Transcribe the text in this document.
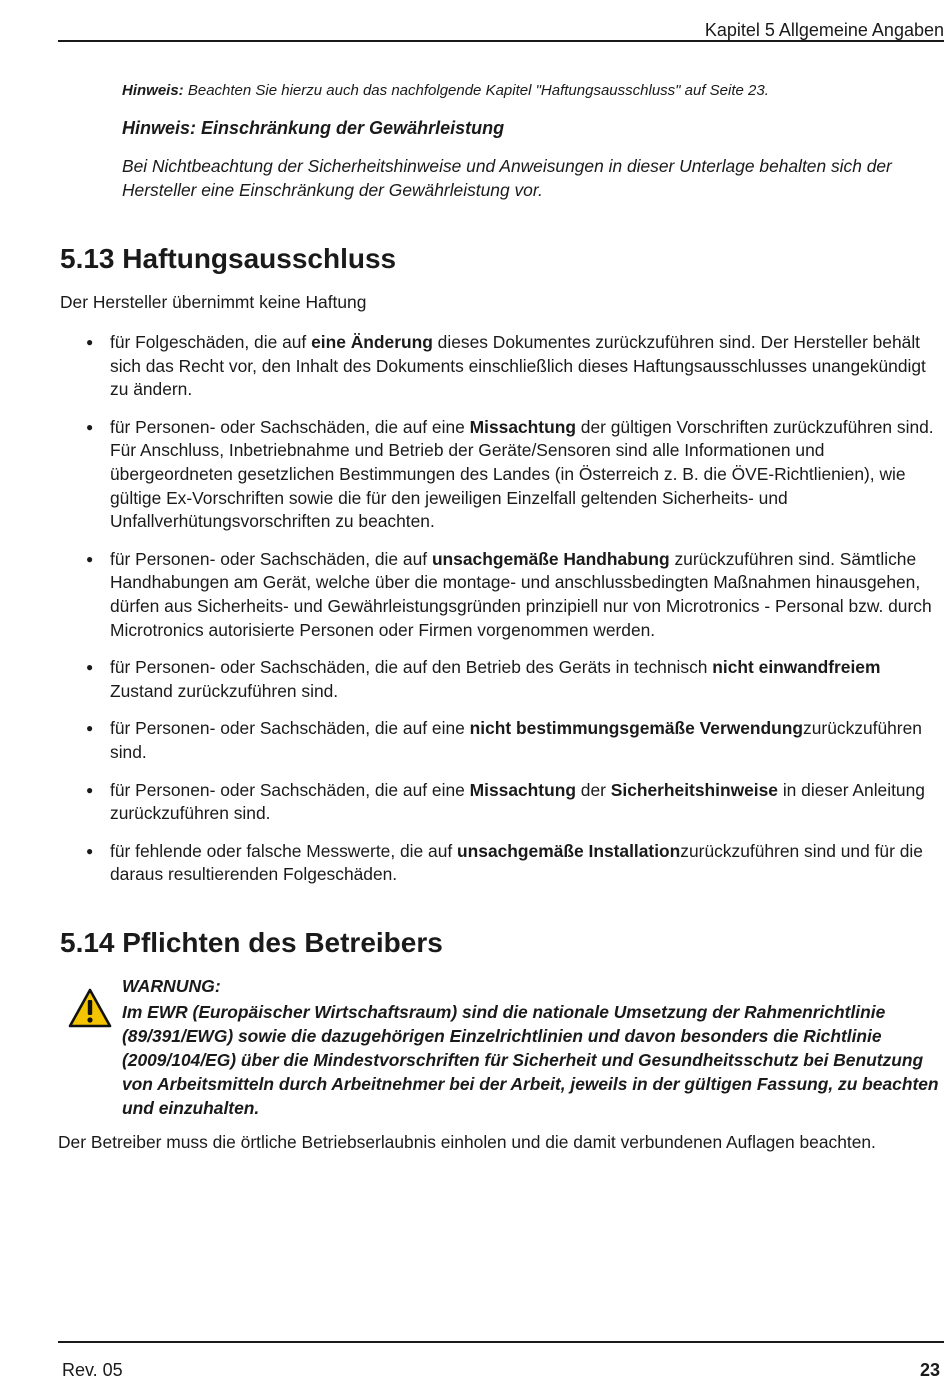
Kapitel 5 Allgemeine Angaben
Hinweis: Beachten Sie hierzu auch das nachfolgende Kapitel "Haftungsausschluss" auf Seite 23.
Hinweis: Einschränkung der Gewährleistung
Bei Nichtbeachtung der Sicherheitshinweise und Anweisungen in dieser Unterlage behalten sich der Hersteller eine Einschränkung der Gewährleistung vor.
5.13 Haftungsausschluss
Der Hersteller übernimmt keine Haftung
● für Folgeschäden, die auf eine Änderung dieses Dokumentes zurückzuführen sind. Der Hersteller behält sich das Recht vor, den Inhalt des Dokuments einschließlich dieses Haftungsausschlusses unangekündigt zu ändern.
● für Personen- oder Sachschäden, die auf eine Missachtung der gültigen Vorschriften zurückzuführen sind. Für Anschluss, Inbetriebnahme und Betrieb der Geräte/Sensoren sind alle Informationen und übergeordneten gesetzlichen Bestimmungen des Landes (in Österreich z. B. die ÖVE-Richtlienien), wie gültige Ex-Vorschriften sowie die für den jeweiligen Einzelfall geltenden Sicherheits- und Unfallverhütungsvorschriften zu beachten.
● für Personen- oder Sachschäden, die auf unsachgemäße Handhabung zurückzuführen sind. Sämtliche Handhabungen am Gerät, welche über die montage- und anschlussbedingten Maßnahmen hinausgehen, dürfen aus Sicherheits- und Gewährleistungsgründen prinzipiell nur von Microtronics - Personal bzw. durch Microtronics autorisierte Personen oder Firmen vorgenommen werden.
● für Personen- oder Sachschäden, die auf den Betrieb des Geräts in technisch nicht einwandfreiem Zustand zurückzuführen sind.
● für Personen- oder Sachschäden, die auf eine nicht bestimmungsgemäße Verwendungzurückzuführen sind.
● für Personen- oder Sachschäden, die auf eine Missachtung der Sicherheitshinweise in dieser Anleitung zurückzuführen sind.
● für fehlende oder falsche Messwerte, die auf unsachgemäße Installationzurückzuführen sind und für die daraus resultierenden Folgeschäden.
5.14 Pflichten des Betreibers
WARNUNG:
Im EWR (Europäischer Wirtschaftsraum) sind die nationale Umsetzung der Rahmenrichtlinie (89/391/EWG) sowie die dazugehörigen Einzelrichtlinien und davon besonders die Richtlinie (2009/104/EG) über die Mindestvorschriften für Sicherheit und Gesundheitsschutz bei Benutzung von Arbeitsmitteln durch Arbeitnehmer bei der Arbeit, jeweils in der gültigen Fassung, zu beachten und einzuhalten.
Der Betreiber muss die örtliche Betriebserlaubnis einholen und die damit verbundenen Auflagen beachten.
Rev. 05	23
